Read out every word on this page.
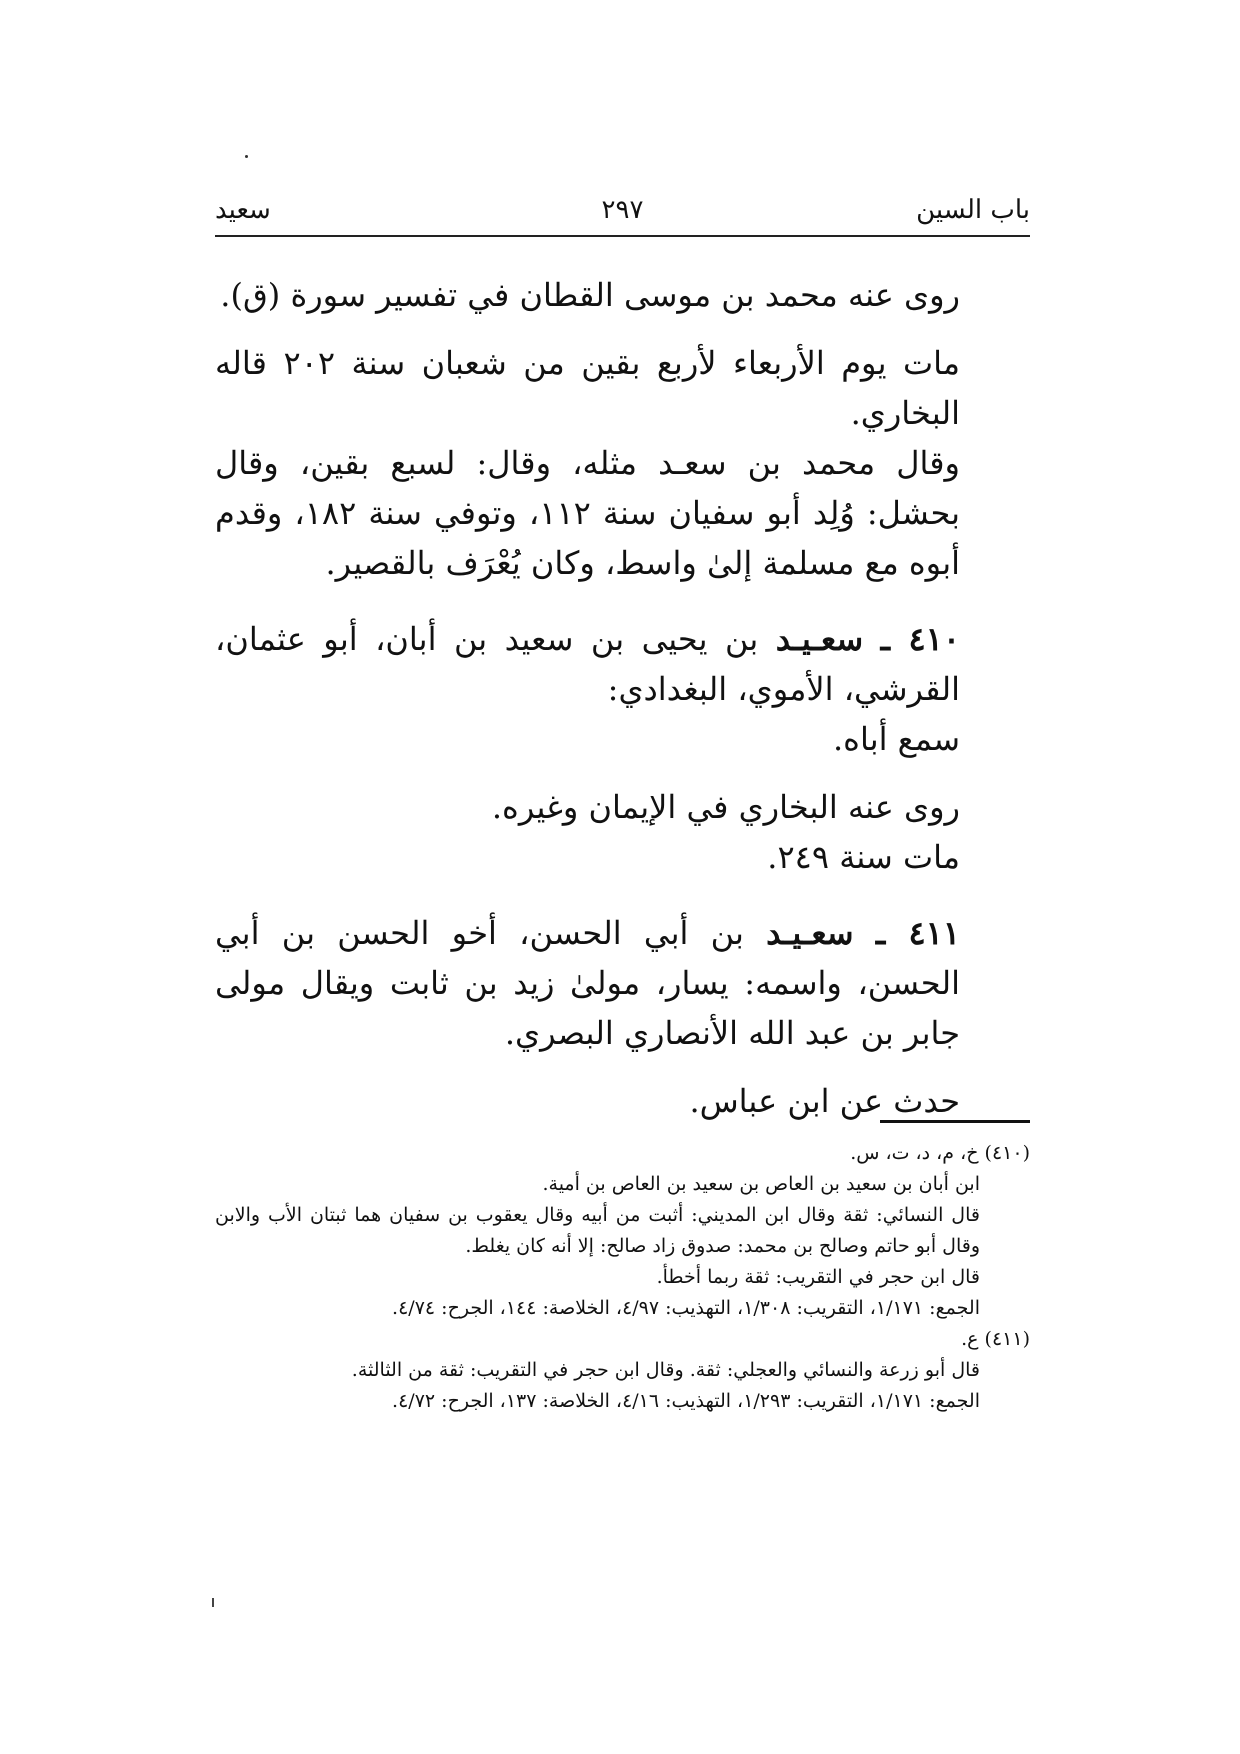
باب السين
٢٩٧
سعيد

روى عنه محمد بن موسى القطان في تفسير سورة (ق).

مات يوم الأربعاء لأربع بقين من شعبان سنة ٢٠٢ قاله البخاري.

وقال محمد بن سعـد مثله، وقال: لسبع بقين، وقال بحشل: وُلِد أبو سفيان سنة ١١٢، وتوفي سنة ١٨٢، وقدم أبوه مع مسلمة إلىٰ واسط، وكان يُعْرَف بالقصير.

٤١٠ ـ سعـيـد بن يحيى بن سعيد بن أبان، أبو عثمان، القرشي، الأموي، البغدادي:

سمع أباه.

روى عنه البخاري في الإيمان وغيره.

مات سنة ٢٤٩.

٤١١ ـ سعـيـد بن أبي الحسن، أخو الحسن بن أبي الحسن، واسمه: يسار، مولىٰ زيد بن ثابت ويقال مولى جابر بن عبد الله الأنصاري البصري.

حدث عن ابن عباس.

(٤١٠) خ، م، د، ت، س.

ابن أبان بن سعيد بن العاص بن سعيد بن العاص بن أمية.

قال النسائي: ثقة وقال ابن المديني: أثبت من أبيه وقال يعقوب بن سفيان هما ثبتان الأب والابن وقال أبو حاتم وصالح بن محمد: صدوق زاد صالح: إلا أنه كان يغلط.

قال ابن حجر في التقريب: ثقة ربما أخطأ.

الجمع: ١/١٧١، التقريب: ١/٣٠٨، التهذيب: ٤/٩٧، الخلاصة: ١٤٤، الجرح: ٤/٧٤.

(٤١١) ع.

قال أبو زرعة والنسائي والعجلي: ثقة. وقال ابن حجر في التقريب: ثقة من الثالثة.

الجمع: ١/١٧١، التقريب: ١/٢٩٣، التهذيب: ٤/١٦، الخلاصة: ١٣٧، الجرح: ٤/٧٢.
